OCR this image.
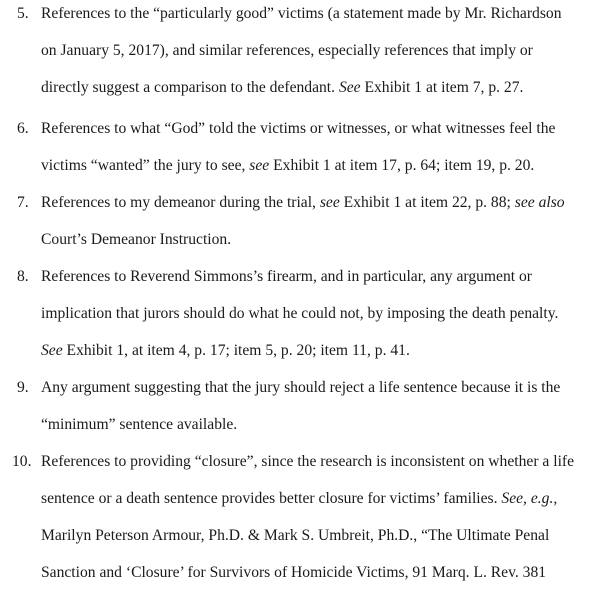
5. References to the “particularly good” victims (a statement made by Mr. Richardson
on January 5, 2017), and similar references, especially references that imply or
directly suggest a comparison to the defendant. See Exhibit 1 at item 7, p. 27.
6. References to what “God” told the victims or witnesses, or what witnesses feel the
victims “wanted” the jury to see, see Exhibit 1 at item 17, p. 64; item 19, p. 20.
7. References to my demeanor during the trial, see Exhibit 1 at item 22, p. 88; see also
Court’s Demeanor Instruction.
8. References to Reverend Simmons’s firearm, and in particular, any argument or
implication that jurors should do what he could not, by imposing the death penalty.
See Exhibit 1, at item 4, p. 17; item 5, p. 20; item 11, p. 41.
9. Any argument suggesting that the jury should reject a life sentence because it is the
“minimum” sentence available.
10. References to providing “closure”, since the research is inconsistent on whether a life
sentence or a death sentence provides better closure for victims’ families. See, e.g.,
Marilyn Peterson Armour, Ph.D. & Mark S. Umbreit, Ph.D., “The Ultimate Penal
Sanction and ‘Closure’ for Survivors of Homicide Victims, 91 Marq. L. Rev. 381
